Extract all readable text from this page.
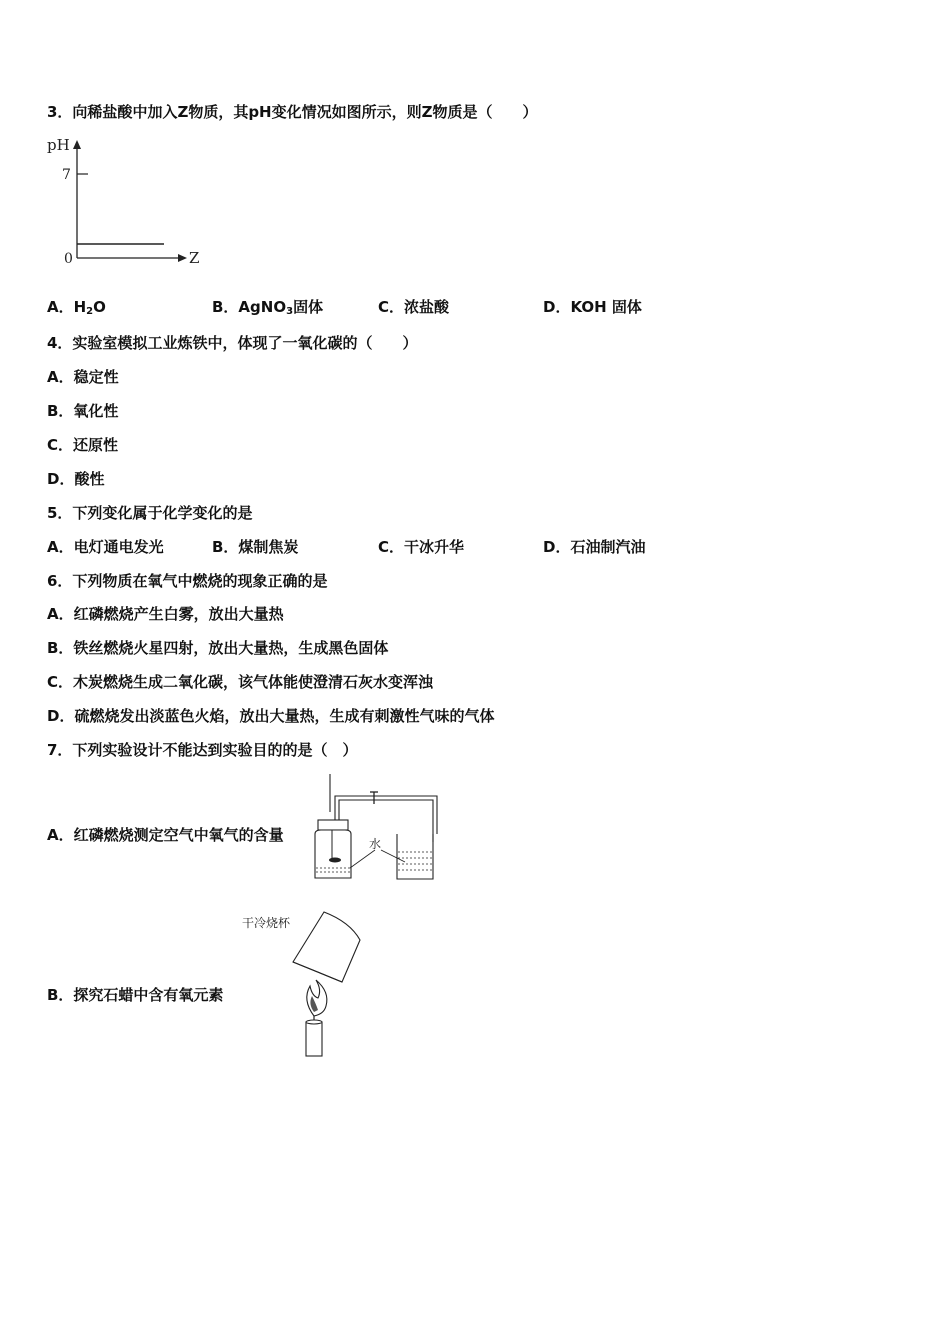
3．向稀盐酸中加入Z物质，其pH变化情况如图所示，则Z物质是（　　）
pH
7
0	Z
A．$H_2O$	B．AgNO$_3$固体	C．浓盐酸	D．KOH 固体
4．实验室模拟工业炼铁中，体现了一氧化碳的（　　）
A．稳定性
B．氧化性
C．还原性
D．酸性
5．下列变化属于化学变化的是
A．电灯通电发光	B．煤制焦炭	C．干冰升华	D．石油制汽油
6．下列物质在氧气中燃烧的现象正确的是
A．红磷燃烧产生白雾，放出大量热
B．铁丝燃烧火星四射，放出大量热，生成黑色固体
C．木炭燃烧生成二氧化碳，该气体能使澄清石灰水变浑浊
D．硫燃烧发出淡蓝色火焰，放出大量热，生成有刺激性气味的气体
7．下列实验设计不能达到实验目的的是（　）
A．红磷燃烧测定空气中氧气的含量	水
B．探究石蜡中含有氧元素
干冷烧杯
